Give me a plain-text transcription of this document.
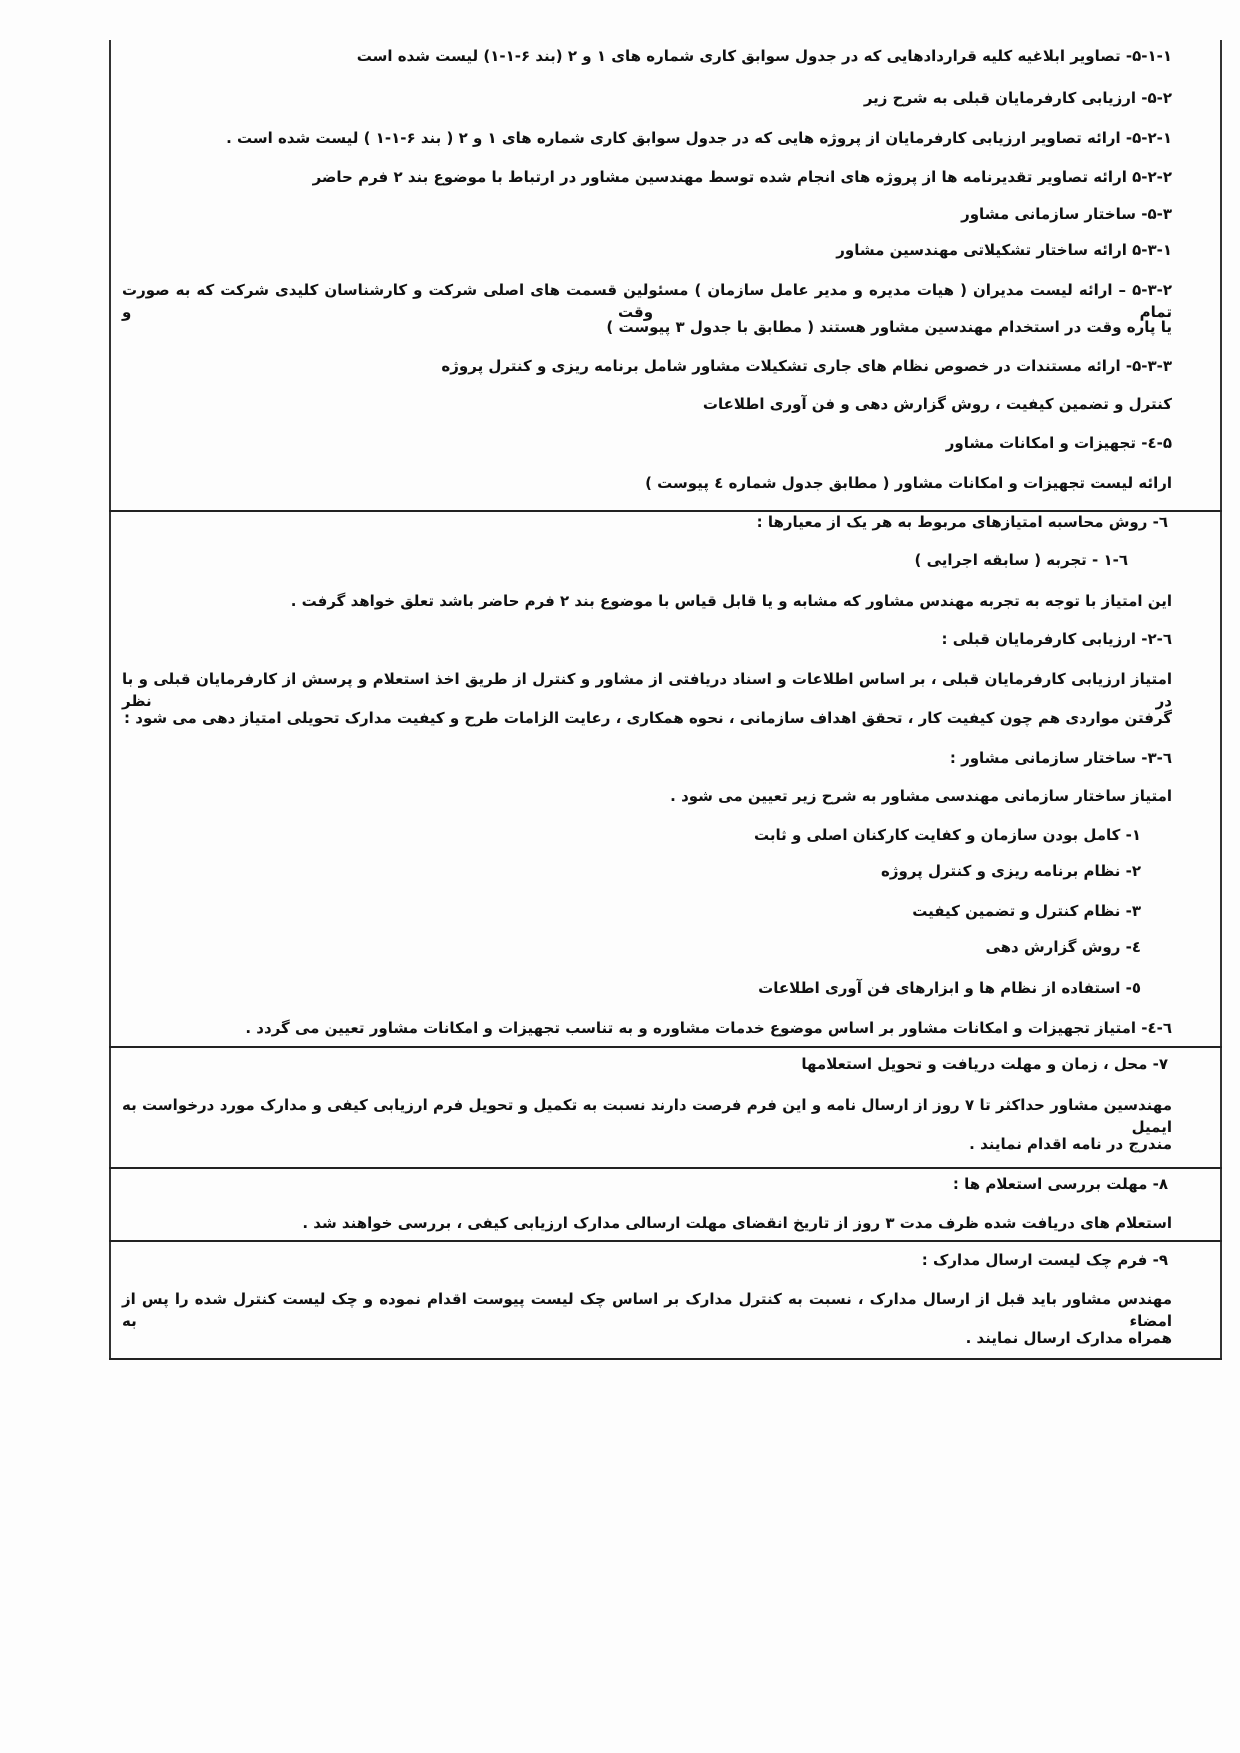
۵-۱-۱- تصاویر ابلاغیه کلیه قراردادهایی که در جدول سوابق کاری شماره های ۱ و ۲ (بند ۶-۱-۱) لیست شده است
۵-۲- ارزیابی کارفرمایان قبلی به شرح زیر
۵-۲-۱- ارائه تصاویر ارزیابی کارفرمایان از پروژه هایی که در جدول سوابق کاری شماره های ۱ و ۲ ( بند ۶-۱-۱ ) لیست شده است .
۵-۲-۲ ارائه تصاویر تقدیرنامه ها از پروژه های انجام شده توسط مهندسین مشاور در ارتباط با موضوع بند ۲ فرم حاضر
۵-۳- ساختار سازمانی مشاور
۵-۳-۱ ارائه ساختار تشکیلاتی مهندسین مشاور
۵-۳-۲ – ارائه لیست مدیران ( هیات مدیره و مدیر عامل سازمان ) مسئولین قسمت های اصلی شرکت و کارشناسان کلیدی شرکت که به صورت تمام وقت و
یا پاره وقت در استخدام مهندسین مشاور هستند ( مطابق با جدول ۳ پیوست )
۵-۳-۳- ارائه مستندات در خصوص نظام های جاری تشکیلات مشاور شامل برنامه ریزی و کنترل پروژه
کنترل و تضمین کیفیت ، روش گزارش دهی و فن آوری اطلاعات
۵-٤- تجهیزات و امکانات مشاور
ارائه لیست تجهیزات و امکانات مشاور ( مطابق جدول شماره ٤ پیوست )
٦- روش محاسبه امتیازهای مربوط به هر یک از معیارها :
٦-١ - تجربه ( سابقه اجرایی )
این امتیاز با توجه به تجربه مهندس مشاور که مشابه و یا قابل قیاس با موضوع بند ۲ فرم حاضر باشد تعلق خواهد گرفت .
٦-٢- ارزیابی کارفرمایان قبلی :
امتیاز ارزیابی کارفرمایان قبلی ، بر اساس اطلاعات و اسناد دریافتی از مشاور و کنترل از طریق اخذ استعلام و پرسش از کارفرمایان قبلی و با در نظر
گرفتن مواردی هم چون کیفیت کار ، تحقق اهداف سازمانی ، نحوه همکاری ، رعایت الزامات طرح و کیفیت مدارک تحویلی امتیاز دهی می شود :
٦-٣- ساختار سازمانی مشاور :
امتیاز ساختار سازمانی مهندسی مشاور به شرح زیر تعیین می شود .
١- کامل بودن سازمان و کفایت کارکنان اصلی و ثابت
٢- نظام برنامه ریزی و کنترل پروژه
٣- نظام کنترل و تضمین کیفیت
٤- روش گزارش دهی
٥- استفاده از نظام ها و ابزارهای فن آوری اطلاعات
٦-٤- امتیاز تجهیزات و امکانات مشاور بر اساس موضوع خدمات مشاوره و به تناسب تجهیزات و امکانات مشاور تعیین می گردد .
٧- محل ، زمان و مهلت دریافت و تحویل استعلامها
مهندسین مشاور حداکثر تا ٧ روز از ارسال نامه و این فرم فرصت دارند نسبت به تکمیل و تحویل فرم ارزیابی کیفی و مدارک مورد درخواست به ایمیل
مندرج در نامه اقدام نمایند .
٨- مهلت بررسی استعلام ها :
استعلام های دریافت شده ظرف مدت ٣ روز از تاریخ انقضای مهلت ارسالی مدارک ارزیابی کیفی ، بررسی خواهند شد .
٩- فرم چک لیست ارسال مدارک :
مهندس مشاور باید قبل از ارسال مدارک ، نسبت به کنترل مدارک بر اساس چک لیست پیوست اقدام نموده و چک لیست کنترل شده را پس از امضاء به
همراه مدارک ارسال نمایند .
